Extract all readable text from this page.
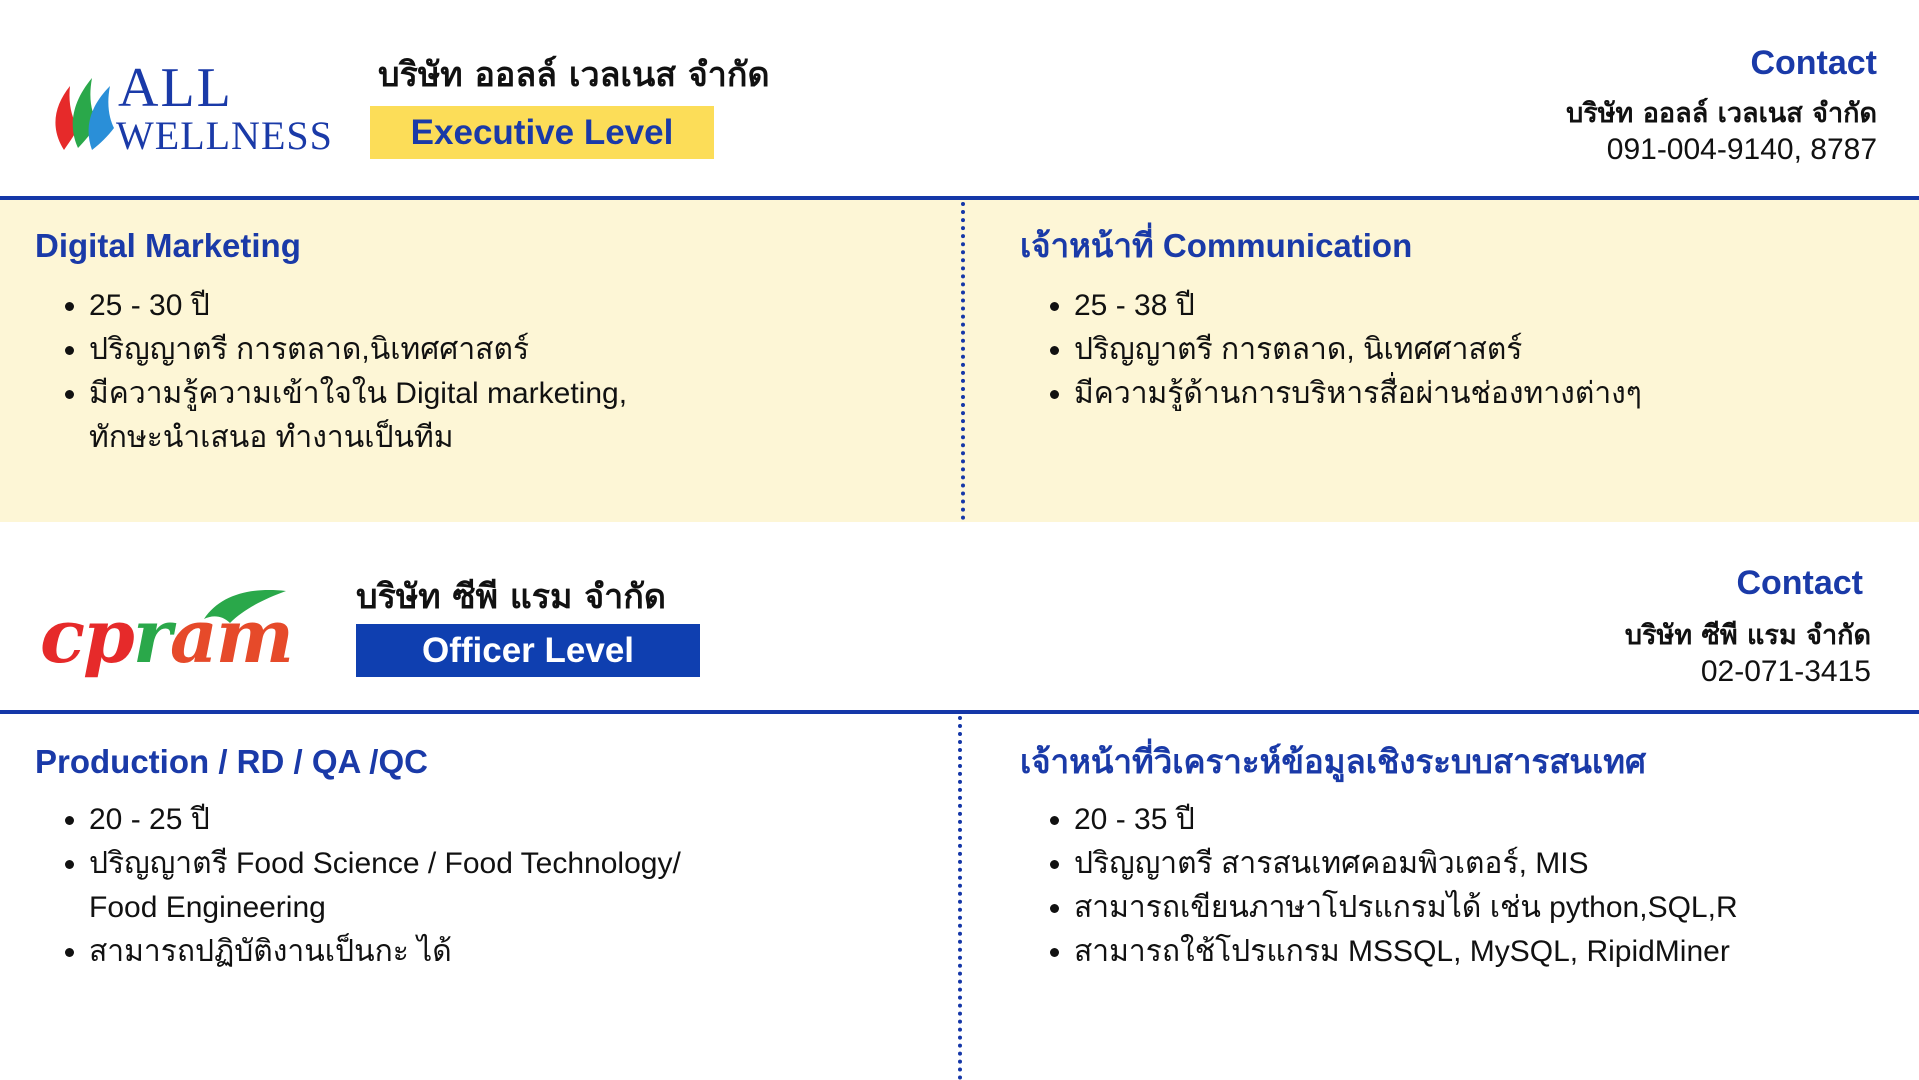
ALL
WELLNESS
บริษัท ออลล์ เวลเนส จำกัด
Executive Level
Contact
บริษัท ออลล์ เวลเนส จำกัด
091-004-9140, 8787
Digital Marketing
• 25 - 30 ปี
• ปริญญาตรี การตลาด,นิเทศศาสตร์
• มีความรู้ความเข้าใจใน Digital marketing,
ทักษะนำเสนอ ทำงานเป็นทีม
เจ้าหน้าที่ Communication
• 25 - 38 ปี
• ปริญญาตรี การตลาด, นิเทศศาสตร์
• มีความรู้ด้านการบริหารสื่อผ่านช่องทางต่างๆ
cpram บริษัท ซีพี แรม จำกัด
Officer Level
Contact
บริษัท ซีพี แรม จำกัด
02-071-3415
Production / RD / QA /QC
• 20 - 25 ปี
• ปริญญาตรี Food Science / Food Technology/
Food Engineering
• สามารถปฏิบัติงานเป็นกะ ได้
เจ้าหน้าที่วิเคราะห์ข้อมูลเชิงระบบสารสนเทศ
• 20 - 35 ปี
• ปริญญาตรี สารสนเทศคอมพิวเตอร์, MIS
• สามารถเขียนภาษาโปรแกรมได้ เช่น python,SQL,R
• สามารถใช้โปรแกรม MSSQL, MySQL, RipidMiner
